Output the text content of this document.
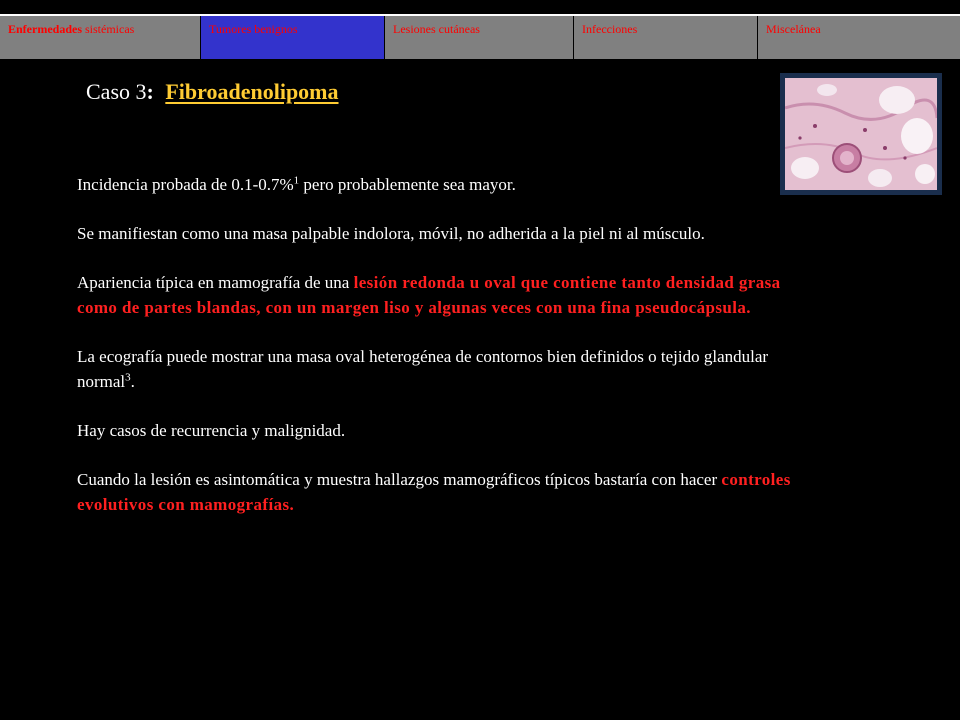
Enfermedades sistémicas	Tumores benignos	Lesiones cutáneas	Infecciones	Miscelánea
Caso 3: Fibroadenolipoma

Incidencia probada de 0.1-0.7%$^1$ pero probablemente sea mayor.

Se manifiestan como una masa palpable indolora, móvil, no adherida a la piel ni al músculo.

Apariencia típica en mamografía de una lesión redonda u oval que contiene tanto densidad grasa como de partes blandas, con un margen liso y algunas veces con una fina pseudocápsula.

La ecografía puede mostrar una masa oval heterogénea de contornos bien definidos o tejido glandular normal$^3$.

Hay casos de recurrencia y malignidad.

Cuando la lesión es asintomática y muestra hallazgos mamográficos típicos bastaría con hacer controles evolutivos con mamografías.
